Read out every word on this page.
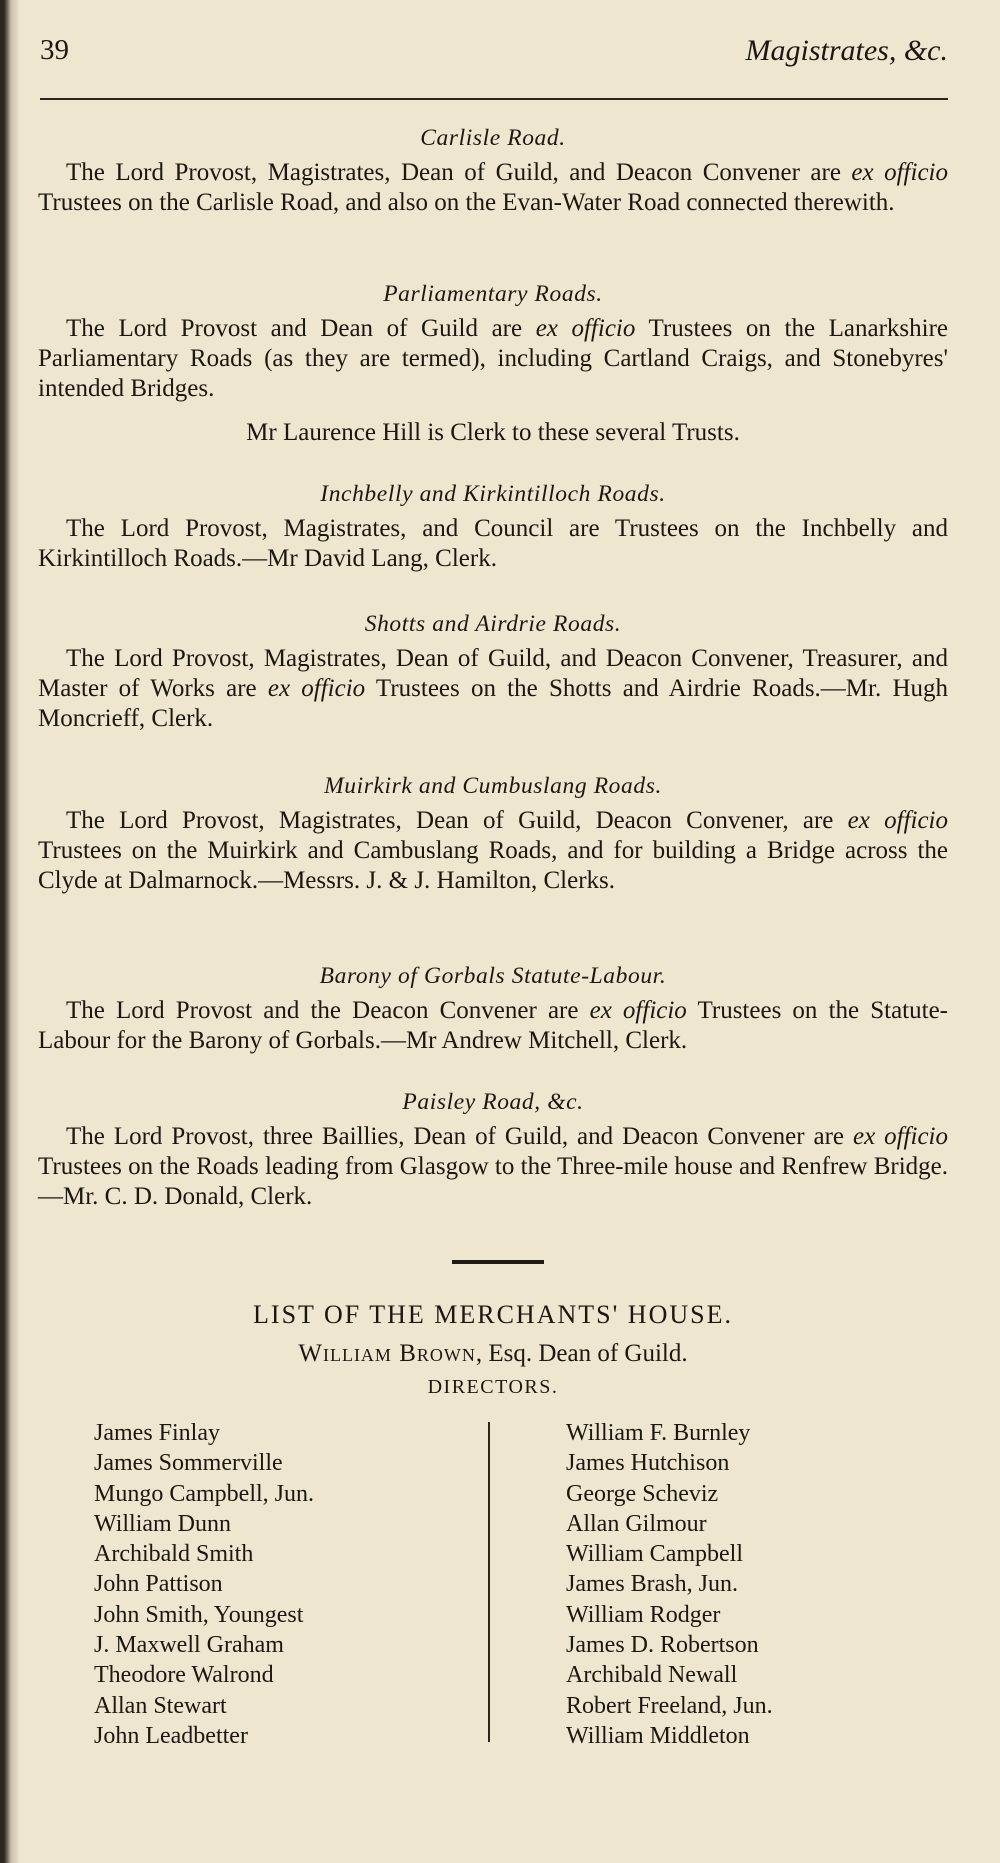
39	Magistrates, &c.
Carlisle Road.

The Lord Provost, Magistrates, Dean of Guild, and Deacon Convener are ex officio Trustees on the Carlisle Road, and also on the Evan-Water Road connected therewith.

Parliamentary Roads.

The Lord Provost and Dean of Guild are ex officio Trustees on the Lanarkshire Parliamentary Roads (as they are termed), including Cartland Craigs, and Stonebyres' intended Bridges.

Mr Laurence Hill is Clerk to these several Trusts.

Inchbelly and Kirkintilloch Roads.

The Lord Provost, Magistrates, and Council are Trustees on the Inchbelly and Kirkintilloch Roads.—Mr David Lang, Clerk.

Shotts and Airdrie Roads.

The Lord Provost, Magistrates, Dean of Guild, and Deacon Convener, Treasurer, and Master of Works are ex officio Trustees on the Shotts and Airdrie Roads.—Mr. Hugh Moncrieff, Clerk.

Muirkirk and Cumbuslang Roads.

The Lord Provost, Magistrates, Dean of Guild, Deacon Convener, are ex officio Trustees on the Muirkirk and Cambuslang Roads, and for building a Bridge across the Clyde at Dalmarnock.—Messrs. J. & J. Hamilton, Clerks.

Barony of Gorbals Statute-Labour.

The Lord Provost and the Deacon Convener are ex officio Trustees on the Statute-Labour for the Barony of Gorbals.—Mr Andrew Mitchell, Clerk.

Paisley Road, &c.

The Lord Provost, three Baillies, Dean of Guild, and Deacon Convener are ex officio Trustees on the Roads leading from Glasgow to the Three-mile house and Renfrew Bridge.—Mr. C. D. Donald, Clerk.

LIST OF THE MERCHANTS' HOUSE.
William Brown, Esq. Dean of Guild.
DIRECTORS.
James Finlay
James Sommerville
Mungo Campbell, Jun.
William Dunn
Archibald Smith
John Pattison
John Smith, Youngest
J. Maxwell Graham
Theodore Walrond
Allan Stewart
John Leadbetter
William F. Burnley
James Hutchison
George Scheviz
Allan Gilmour
William Campbell
James Brash, Jun.
William Rodger
James D. Robertson
Archibald Newall
Robert Freeland, Jun.
William Middleton
